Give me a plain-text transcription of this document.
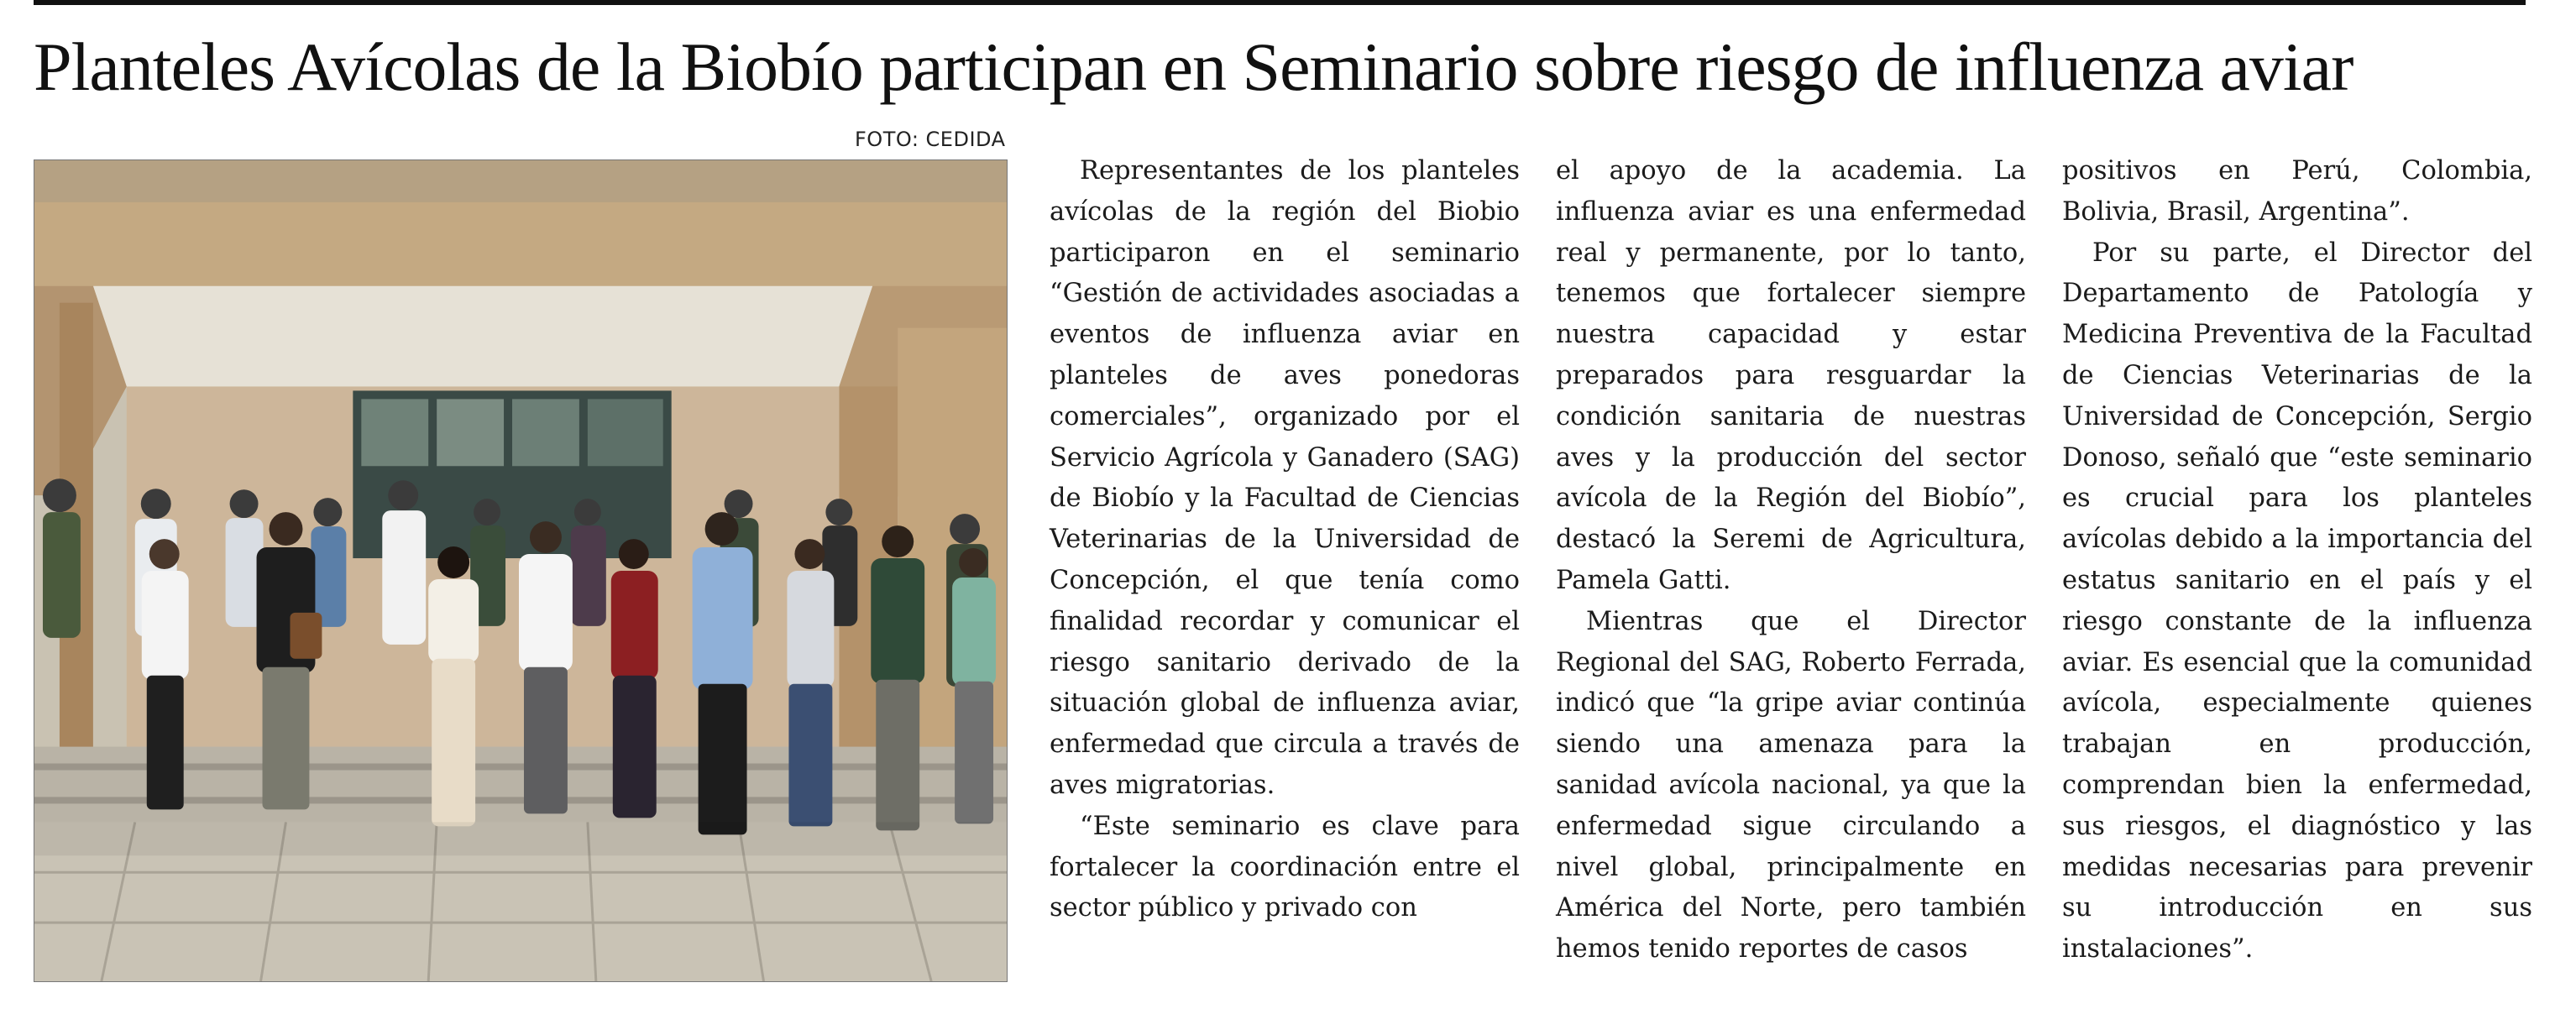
Planteles Avícolas de la Biobío participan en Seminario sobre riesgo de influenza aviar
FOTO: CEDIDA

Representantes de los planteles avícolas de la región del Biobio participaron en el seminario “Gestión de actividades asociadas a eventos de influenza aviar en planteles de aves ponedoras comerciales”, organizado por el Servicio Agrícola y Ganadero (SAG) de Biobío y la Facultad de Ciencias Veterinarias de la Universidad de Concepción, el que tenía como finalidad recordar y comunicar el riesgo sanitario derivado de la situación global de influenza aviar, enfermedad que circula a través de aves migratorias.

“Este seminario es clave para fortalecer la coordinación entre el sector público y privado con

el apoyo de la academia. La influenza aviar es una enfermedad real y permanente, por lo tanto, tenemos que fortalecer siempre nuestra capacidad y estar preparados para resguardar la condición sanitaria de nuestras aves y la producción del sector avícola de la Región del Biobío”, destacó la Seremi de Agricultura, Pamela Gatti.

Mientras que el Director Regional del SAG, Roberto Ferrada, indicó que “la gripe aviar continúa siendo una amenaza para la sanidad avícola nacional, ya que la enfermedad sigue circulando a nivel global, principalmente en América del Norte, pero también hemos tenido reportes de casos

positivos en Perú, Colombia, Bolivia, Brasil, Argentina”.

Por su parte, el Director del Departamento de Patología y Medicina Preventiva de la Facultad de Ciencias Veterinarias de la Universidad de Concepción, Sergio Donoso, señaló que “este seminario es crucial para los planteles avícolas debido a la importancia del estatus sanitario en el país y el riesgo constante de la influenza aviar. Es esencial que la comunidad avícola, especialmente quienes trabajan en producción, comprendan bien la enfermedad, sus riesgos, el diagnóstico y las medidas necesarias para prevenir su introducción en sus instalaciones”.
